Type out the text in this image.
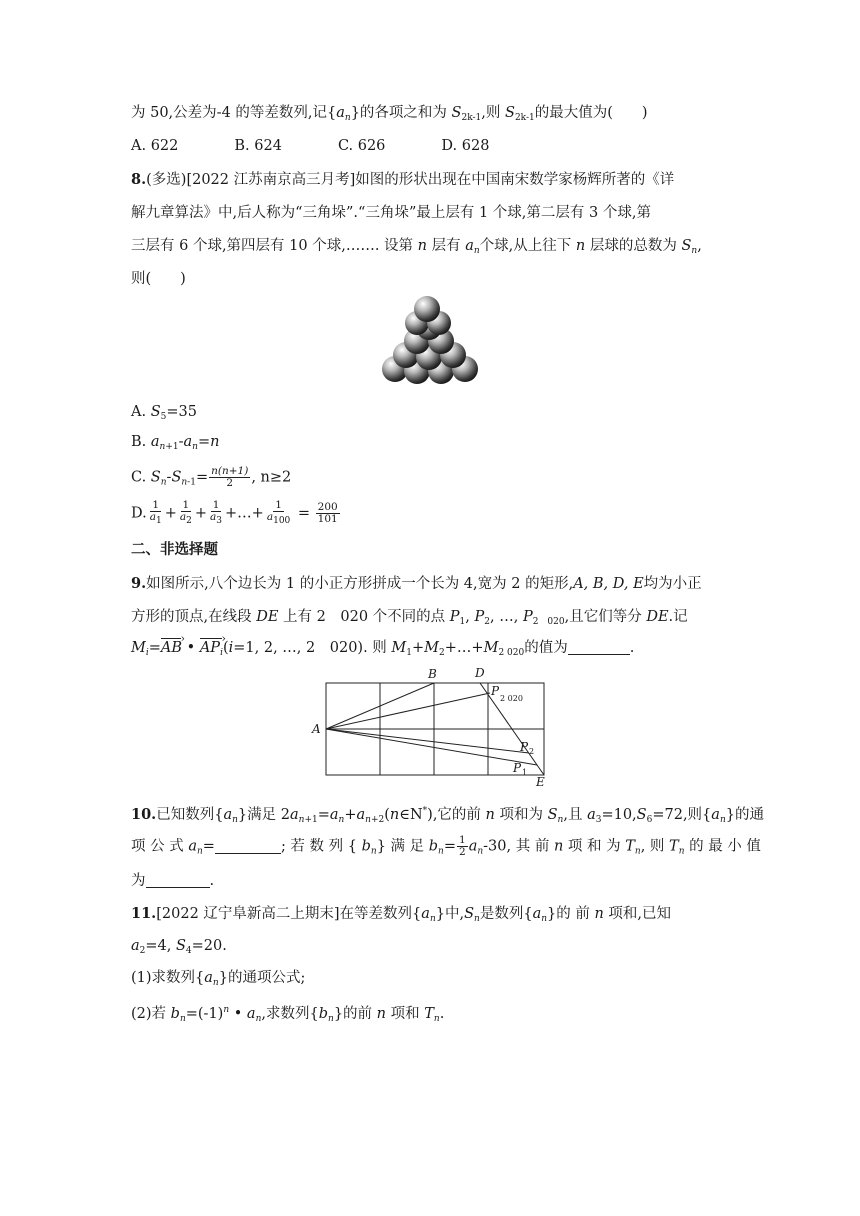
为 50,公差为-4 的等差数列,记$\{a_n\}$的各项之和为 $S_{2k-1}$,则 $S_{2k-1}$的最大值为(　　)
A. 622	B. 624	C. 626	D. 628
8.(多选)[2022 江苏南京高三月考]如图的形状出现在中国南宋数学家杨辉所著的《详
解九章算法》中,后人称为“三角垛”.“三角垛”最上层有 1 个球,第二层有 3 个球,第
三层有 6 个球,第四层有 10 个球,……. 设第 n 层有 $a_n$个球,从上往下 n 层球的总数为 $S_n$,
则(　　)
A. $S_5=35$
B. $a_{n+1}-a_n=n$
C. $S_n-S_{n-1}= \frac{n(n+1)}{2}$ , n≥2
D. $\frac{1}{a_1} + \frac{1}{a_2} + \frac{1}{a_3}$ +…+ $\frac{1}{a_{100}} = \frac{200}{101}$
二、非选择题
9.如图所示,八个边长为 1 的小正方形拼成一个长为 4,宽为 2 的矩形,A, B, D, E均为小正
方形的顶点,在线段 DE 上有 2　020 个不同的点 $P_1$, $P_2$, …, $P_{2 020}$,且它们等分 DE.记
$M_i=AB$ › • $AP_i$ ›(i=1, 2, …, 2　020). 则 $M_1+M_2+\dots+M_{2 020}$的值为	.
A
B	D
E
P
P
P
2 020
2
1
10.已知数列$\{a_n\}$满足 $2a_{n+1}=a_n+a_{n+2}(n\in N^*)$,它的前 n 项和为 $S_n$,且 $a_3=10,S_6=72$,则$\{a_n\}$的通
项 公 式 $a_n=$	; 若 数 列 { $b_n$} 满 足 $b_n= \frac{1}{2} a_n-30$, 其 前 n 项 和 为 $T_n$, 则 $T_n$ 的 最 小 值
为	.
11.[2022 辽宁阜新高二上期末]在等差数列$\{a_n\}$中$,S_n$是数列$\{a_n\}$的 前 n 项和,已知
$a_2=4$, $S_4=20$.
(1)求数列$\{a_n\}$的通项公式;
(2)若 $b_n=(-1)^n$ • $a_n$,求数列$\{b_n\}$的前 n 项和 $T_n$.
